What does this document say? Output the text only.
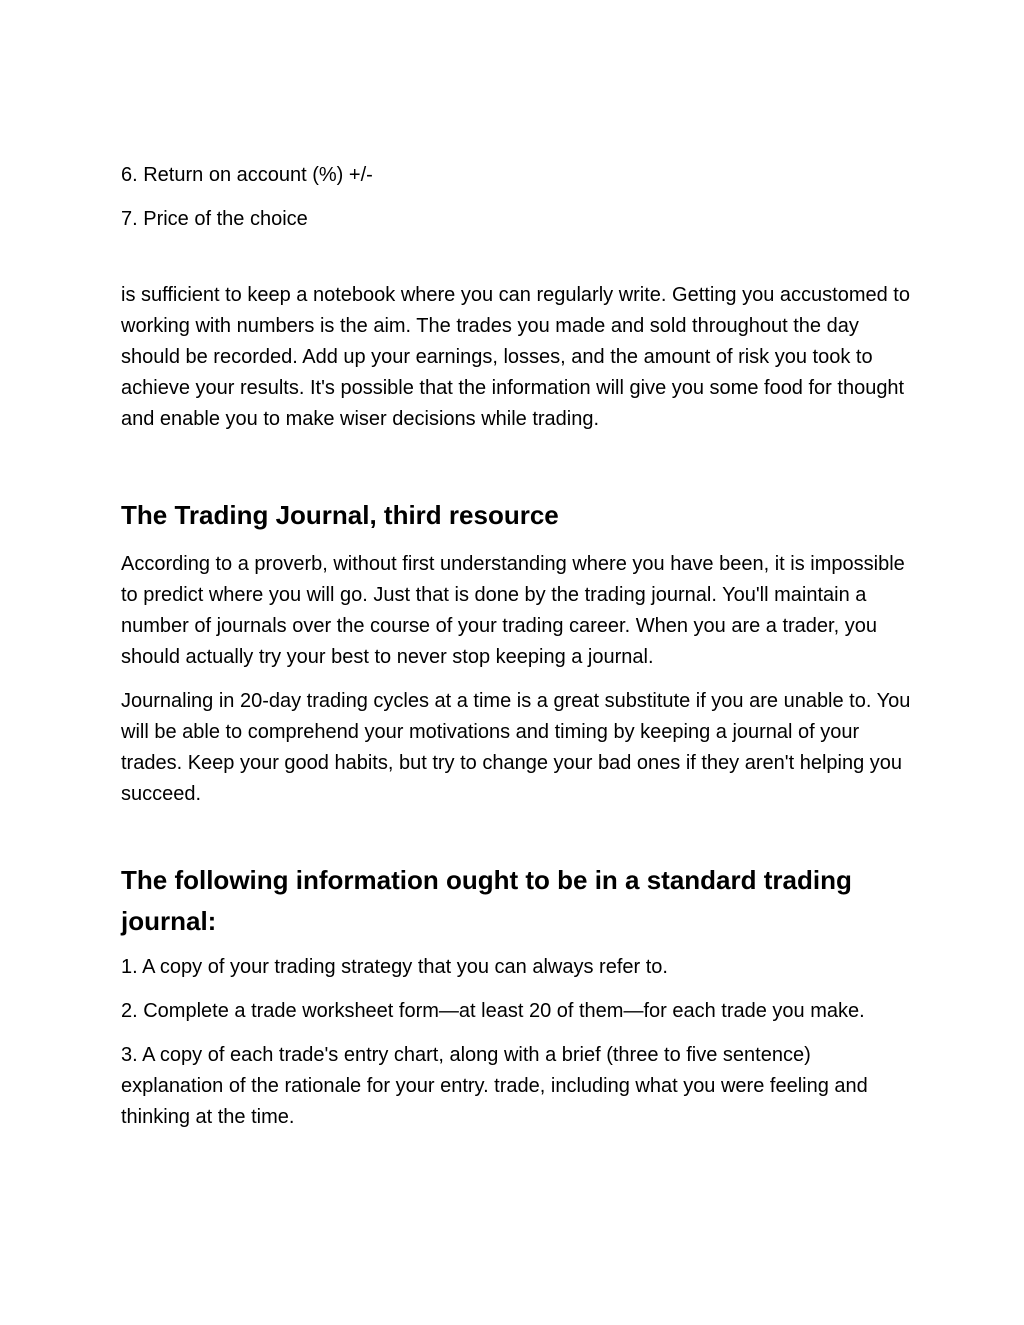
6. Return on account (%) +/-

7. Price of the choice

is sufficient to keep a notebook where you can regularly write. Getting you accustomed to working with numbers is the aim. The trades you made and sold throughout the day should be recorded. Add up your earnings, losses, and the amount of risk you took to achieve your results. It's possible that the information will give you some food for thought and enable you to make wiser decisions while trading.

The Trading Journal, third resource

According to a proverb, without first understanding where you have been, it is impossible to predict where you will go. Just that is done by the trading journal. You'll maintain a number of journals over the course of your trading career. When you are a trader, you should actually try your best to never stop keeping a journal.

Journaling in 20-day trading cycles at a time is a great substitute if you are unable to. You will be able to comprehend your motivations and timing by keeping a journal of your trades. Keep your good habits, but try to change your bad ones if they aren't helping you succeed.

The following information ought to be in a standard trading journal:

1. A copy of your trading strategy that you can always refer to.

2. Complete a trade worksheet form—at least 20 of them—for each trade you make.

3. A copy of each trade's entry chart, along with a brief (three to five sentence) explanation of the rationale for your entry. trade, including what you were feeling and thinking at the time.
